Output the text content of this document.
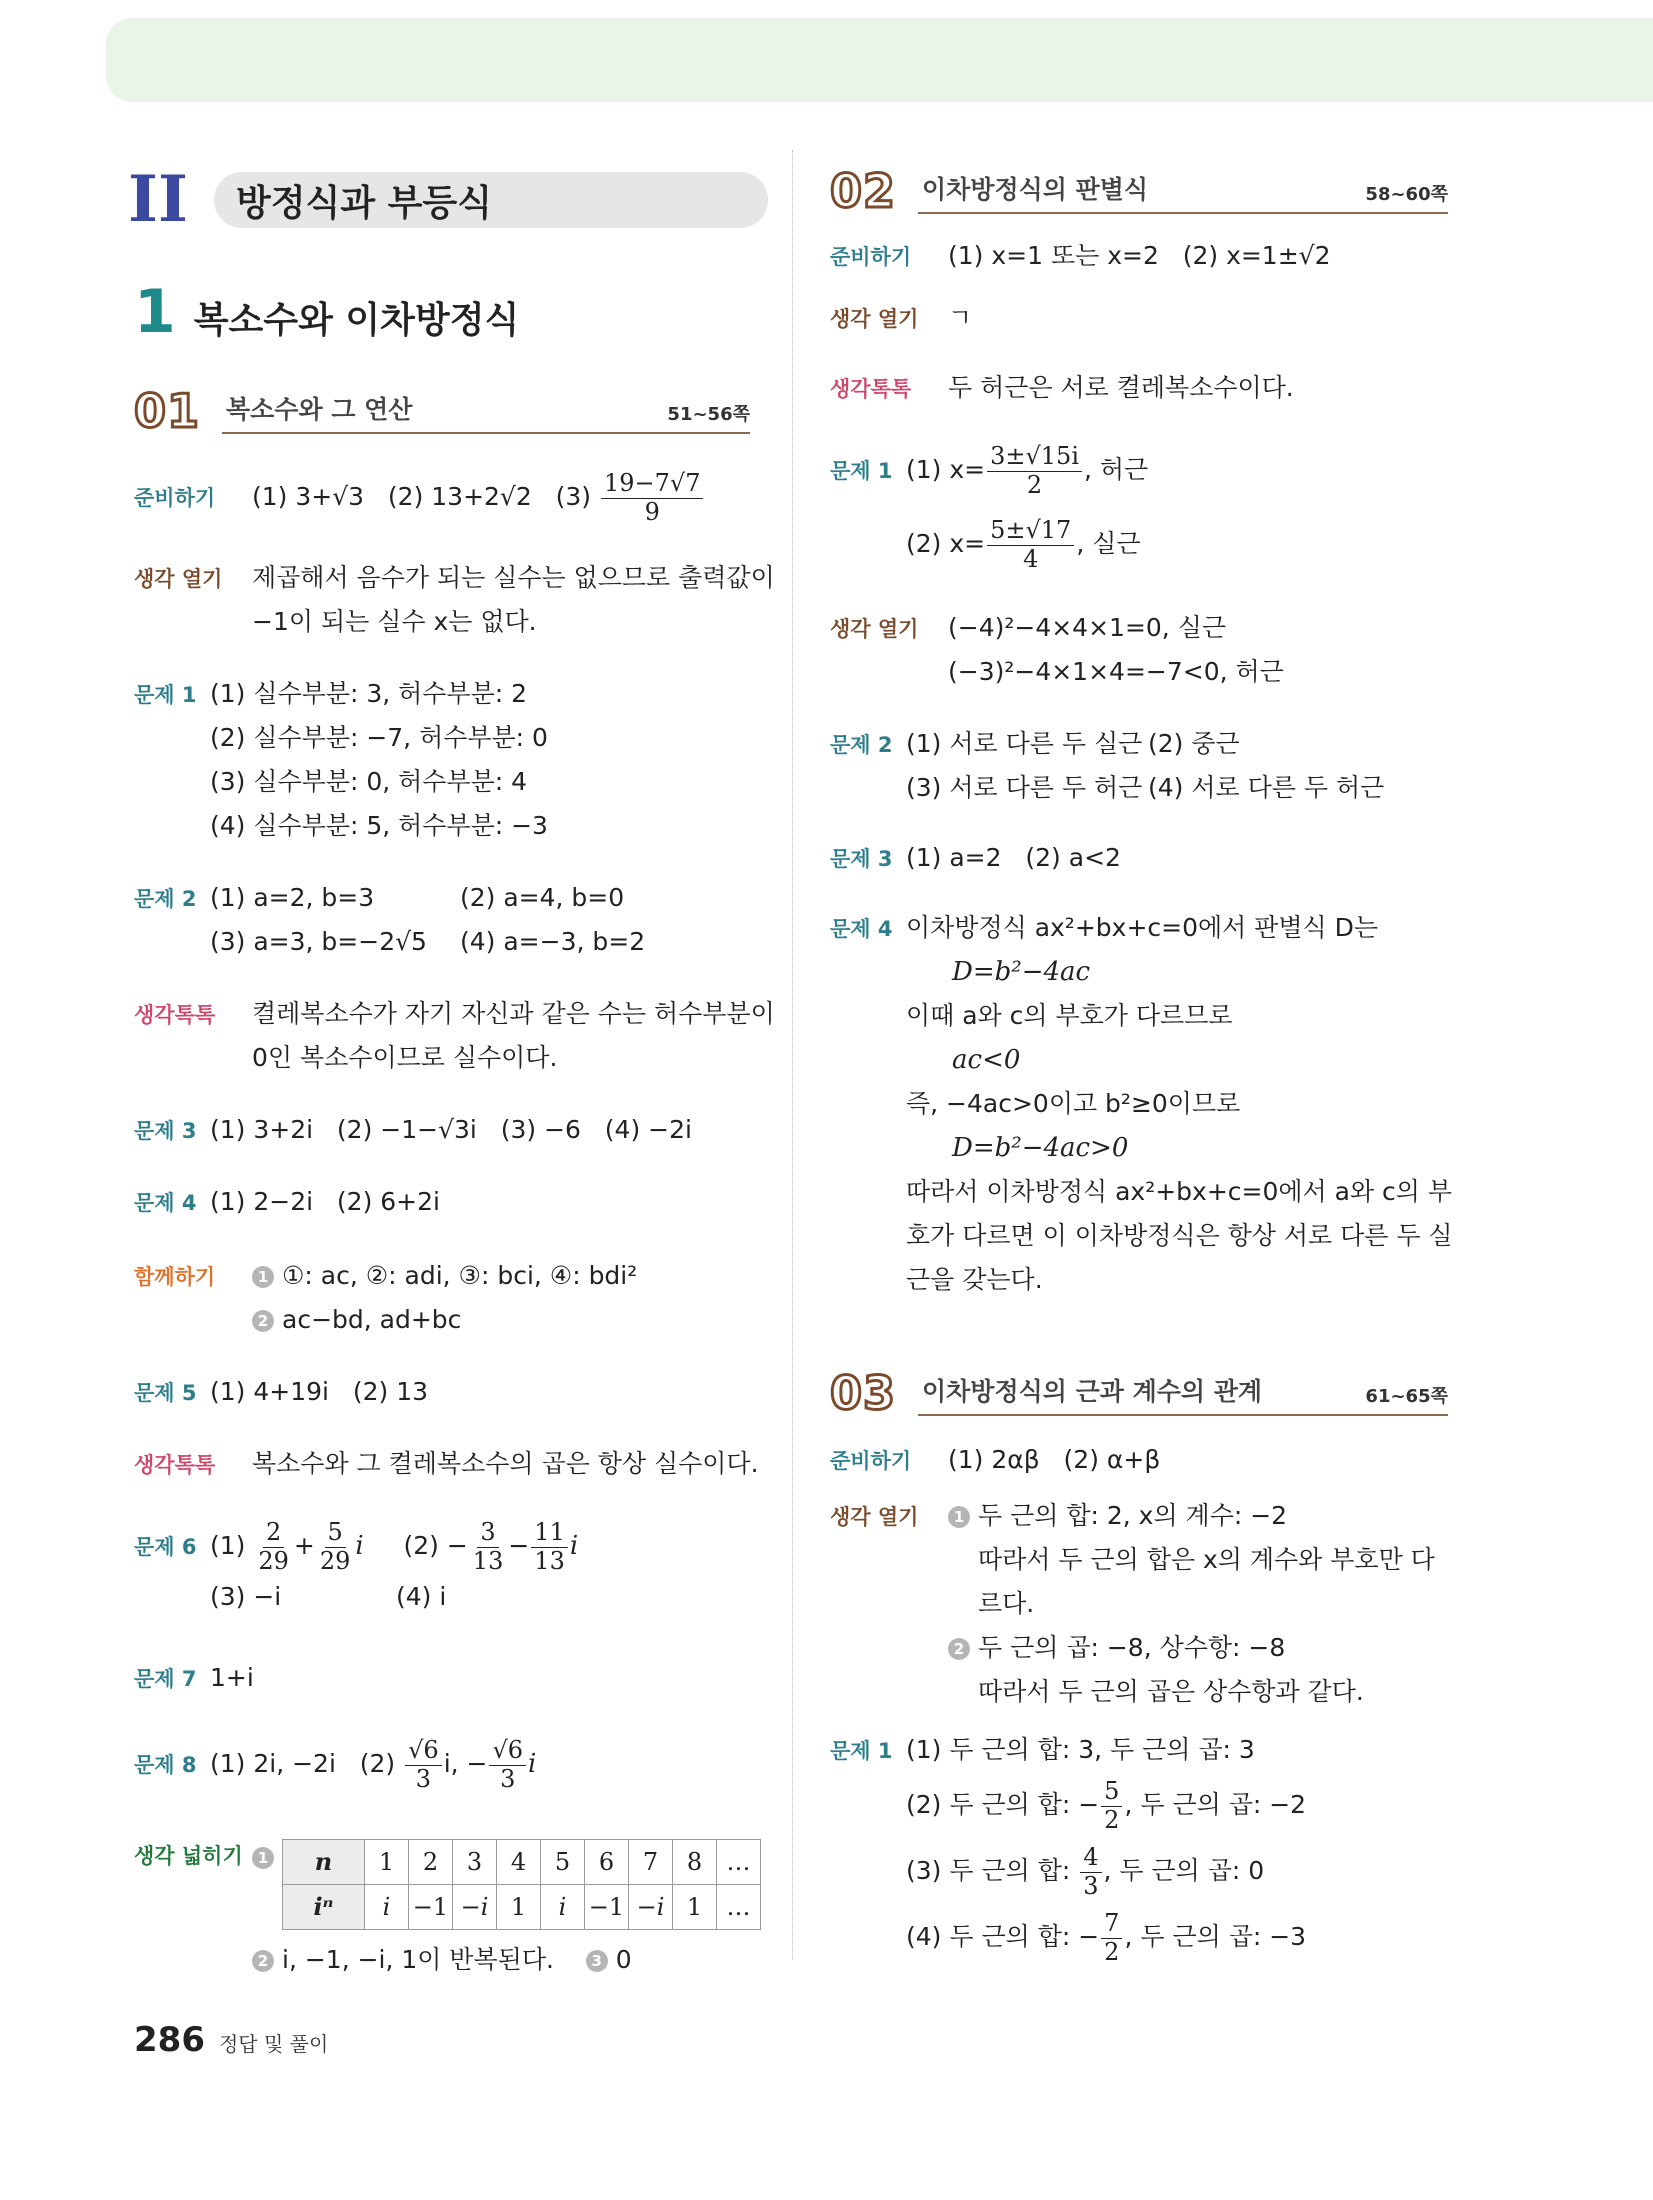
II	방정식과 부등식
1 복소수와 이차방정식
01	복소수와 그 연산	51~56쪽
준비하기	(1) 3+√3 (2) 13+2√2 $(3) \frac{19-7√7}{9}$
생각 열기	제곱해서 음수가 되는 실수는 없으므로 출력값이
−1이 되는 실수 x는 없다.
문제 1 (1) 실수부분: 3, 허수부분: 2
(2) 실수부분: −7, 허수부분: 0
(3) 실수부분: 0, 허수부분: 4
(4) 실수부분: 5, 허수부분: −3
문제 2 (1) a=2, b=3	(2) a=4, b=0
(3) a=3, b=−2√5 (4) a=−3, b=2
생각톡톡	켤레복소수가 자기 자신과 같은 수는 허수부분이
0인 복소수이므로 실수이다.
문제 3 (1) 3+2i (2) −1−√3i (3) −6 (4) −2i
문제 4 (1) 2−2i (2) 6+2i
함께하기	1 ①: ac, ②: adi, ③: bci, ④: bdi²
2 ac−bd, ad+bc
문제 5 (1) 4+19i (2) 13
생각톡톡	복소수와 그 켤레복소수의 곱은 항상 실수이다.
문제 6 $(1) \frac{2}{29} + \frac{5}{29}$ i $(2) - \frac{3}{13} - \frac{11}{13}$ i
(3) −i	(4) i
문제 7 1+i
문제 8 (1) 2i, −2i $(2) \frac{√6}{3} i$, − $\frac{√6}{3}$ i
생각 넓히기	1 n	1	2	3	4	5	6	7	8	…
iⁿ	i	−1	−i	1	i	−1	−i	1	…
2 i, −1, −i, 1이 반복된다.	3 0
02	이차방정식의 판별식	58~60쪽
준비하기	(1) x=1 또는 x=2 (2) x=1±√2
생각 열기	ㄱ
생각톡톡	두 허근은 서로 켤레복소수이다.
문제 1 (1) $x= \frac{3\pm√15i}{2}$ , 허근
(2) $x= \frac{5\pm√17}{4}$ , 실근
생각 열기	(−4)²−4×4×1=0, 실근
(−3)²−4×1×4=−7<0, 허근
문제 2 (1) 서로 다른 두 실근 (2) 중근
(3) 서로 다른 두 허근 (4) 서로 다른 두 허근
문제 3 (1) a=2 (2) a<2
문제 4 이차방정식 ax²+bx+c=0에서 판별식 D는
D=b²−4ac
이때 a와 c의 부호가 다르므로
ac<0
즉, −4ac>0이고 b²≥0이므로
D=b²−4ac>0
따라서 이차방정식 ax²+bx+c=0에서 a와 c의 부
호가 다르면 이 이차방정식은 항상 서로 다른 두 실
근을 갖는다.
03	이차방정식의 근과 계수의 관계	61~65쪽
준비하기	(1) 2αβ (2) α+β
생각 열기	1 두 근의 합: 2, x의 계수: −2
따라서 두 근의 합은 x의 계수와 부호만 다
르다.
2 두 근의 곱: −8, 상수항: −8
따라서 두 근의 곱은 상수항과 같다.
문제 1 (1) 두 근의 합: 3, 두 근의 곱: 3
(2) 두 근의 합: − $\frac{5}{2}$ , 두 근의 곱: −2
(3) 두 근의 합: $\frac{4}{3}$ , 두 근의 곱: 0
(4) 두 근의 합: − $\frac{7}{2}$ , 두 근의 곱: −3
286 정답 및 풀이
